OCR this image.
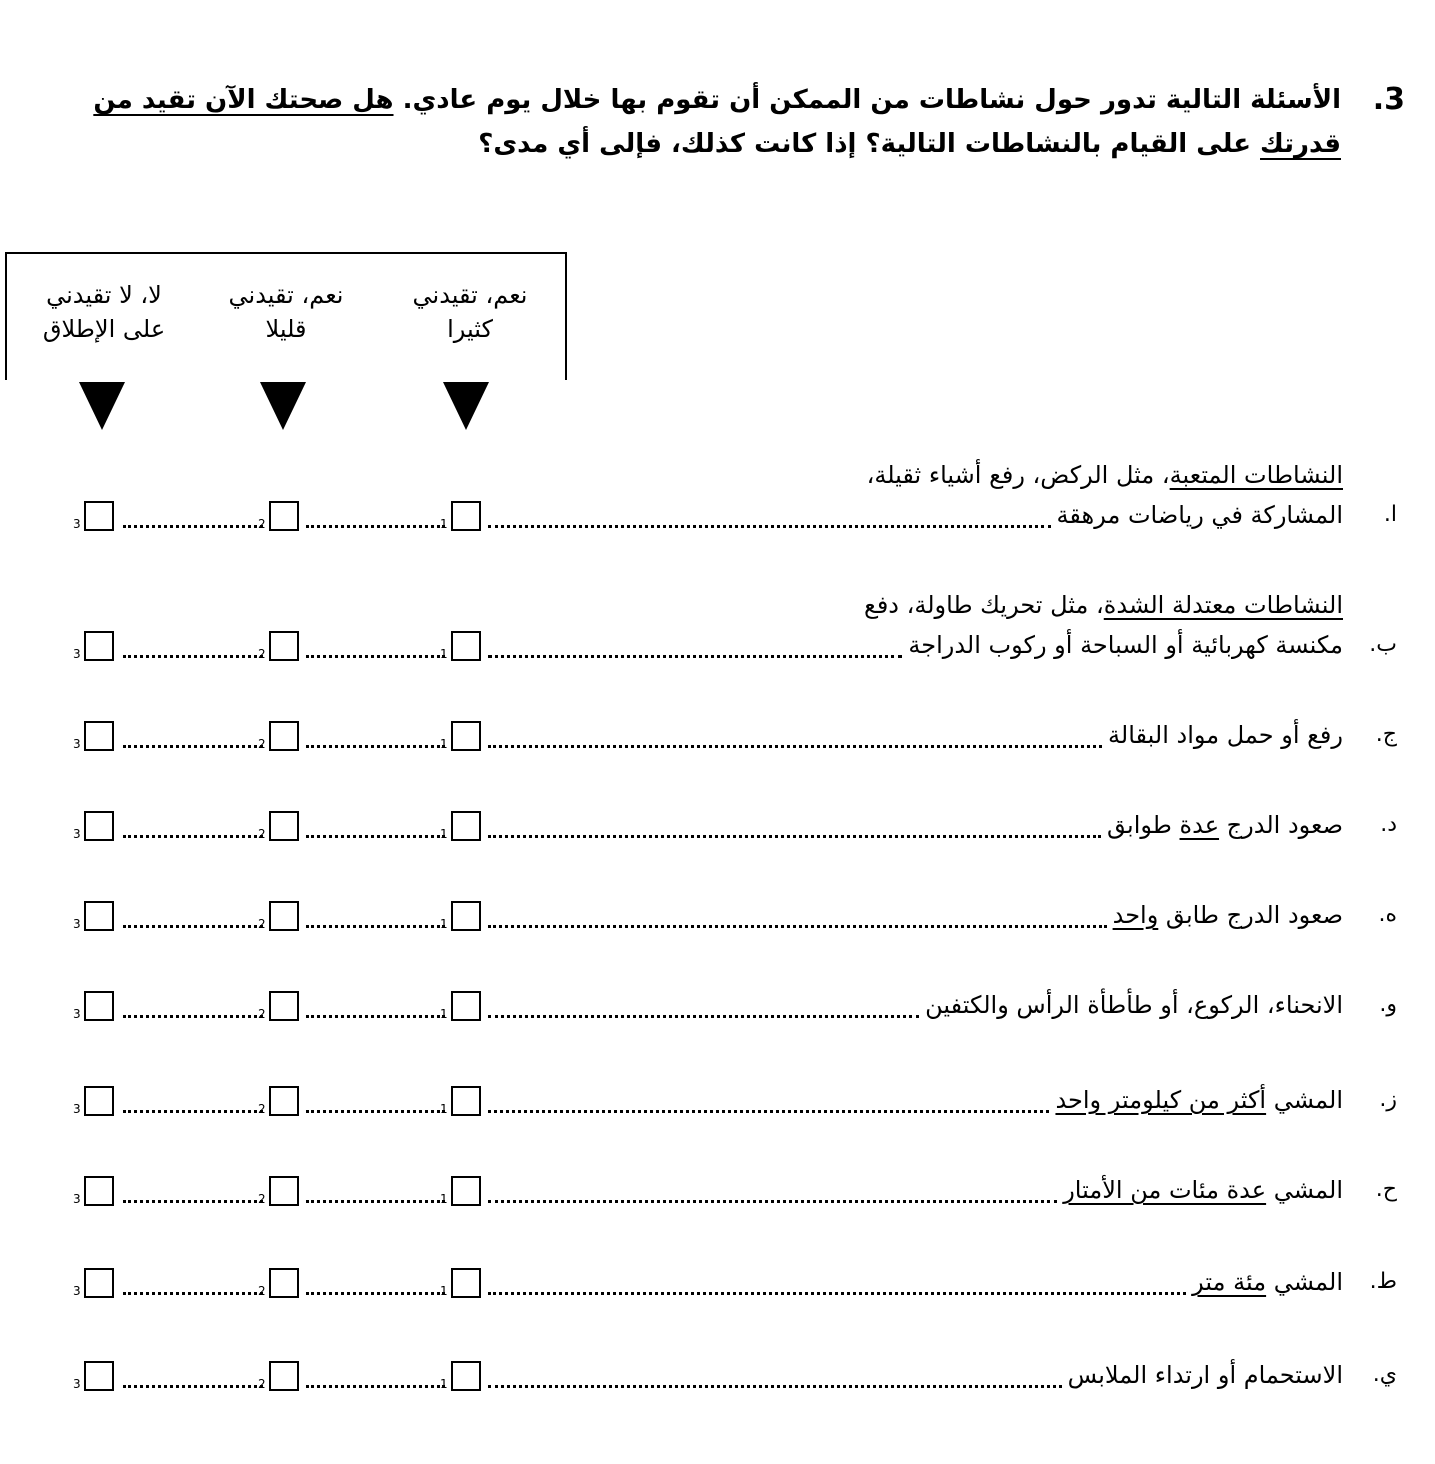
3.
الأسئلة التالية تدور حول نشاطات من الممكن أن تقوم بها خلال يوم عادي. هل صحتك الآن تقيد من
قدرتك على القيام بالنشاطات التالية؟ إذا كانت كذلك، فإلى أي مدى؟
نعم، تقيدني
كثيرا
نعم، تقيدني
قليلا
لا، لا تقيدني
على الإطلاق
ا.
النشاطات المتعبة، مثل الركض، رفع أشياء ثقيلة،
المشاركة في رياضات مرهقة
1
2
3
ب.
النشاطات معتدلة الشدة، مثل تحريك طاولة، دفع
مكنسة كهربائية أو السباحة أو ركوب الدراجة
1
2
3
ج.
رفع أو حمل مواد البقالة
1
2
3
د.
صعود الدرج عدة طوابق
1
2
3
ه.
صعود الدرج طابق واحد
1
2
3
و.
الانحناء، الركوع، أو طأطأة الرأس والكتفين
1
2
3
ز.
المشي أكثر من كيلومتر واحد
1
2
3
ح.
المشي عدة مئات من الأمتار
1
2
3
ط.
المشي مئة متر
1
2
3
ي.
الاستحمام أو ارتداء الملابس
1
2
3
